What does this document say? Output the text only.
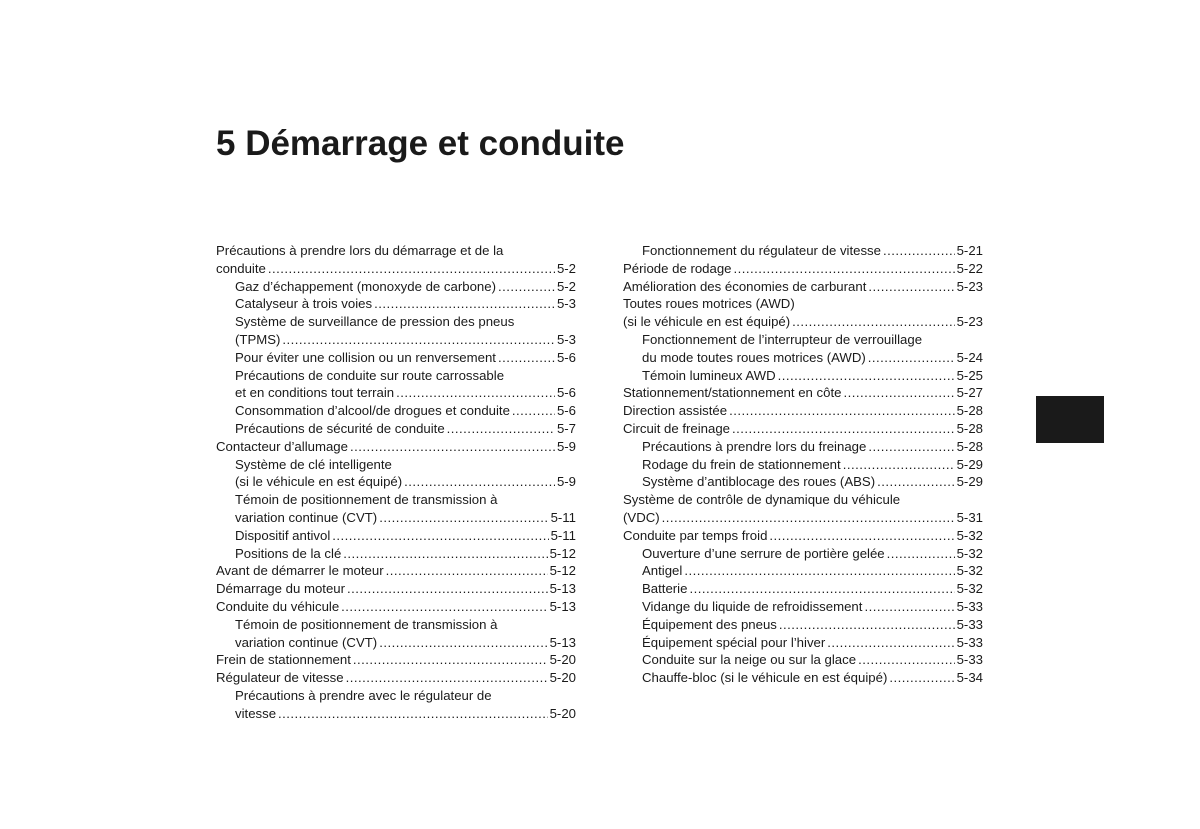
5 Démarrage et conduite
Précautions à prendre lors du démarrage et de la
conduite . . .	5-2
Gaz d’échappement (monoxyde de carbone) . . .	5-2
Catalyseur à trois voies . . .	5-3
Système de surveillance de pression des pneus
(TPMS) . . .	5-3
Pour éviter une collision ou un renversement . . .	5-6
Précautions de conduite sur route carrossable
et en conditions tout terrain . . .	5-6
Consommation d’alcool/de drogues et conduite . . .	5-6
Précautions de sécurité de conduite . . .	5-7
Contacteur d’allumage . . .	5-9
Système de clé intelligente
(si le véhicule en est équipé) . . .	5-9
Témoin de positionnement de transmission à
variation continue (CVT) . . .	5-11
Dispositif antivol . . .	5-11
Positions de la clé . . .	5-12
Avant de démarrer le moteur . . .	5-12
Démarrage du moteur . . .	5-13
Conduite du véhicule . . .	5-13
Témoin de positionnement de transmission à
variation continue (CVT) . . .	5-13
Frein de stationnement . . .	5-20
Régulateur de vitesse . . .	5-20
Précautions à prendre avec le régulateur de
vitesse . . .	5-20
Fonctionnement du régulateur de vitesse . . .	5-21
Période de rodage . . .	5-22
Amélioration des économies de carburant . . .	5-23
Toutes roues motrices (AWD)
(si le véhicule en est équipé) . . .	5-23
Fonctionnement de l’interrupteur de verrouillage
du mode toutes roues motrices (AWD) . . .	5-24
Témoin lumineux AWD . . .	5-25
Stationnement/stationnement en côte . . .	5-27
Direction assistée . . .	5-28
Circuit de freinage . . .	5-28
Précautions à prendre lors du freinage . . .	5-28
Rodage du frein de stationnement . . .	5-29
Système d’antiblocage des roues (ABS) . . .	5-29
Système de contrôle de dynamique du véhicule
(VDC) . . .	5-31
Conduite par temps froid . . .	5-32
Ouverture d’une serrure de portière gelée . . .	5-32
Antigel . . .	5-32
Batterie . . .	5-32
Vidange du liquide de refroidissement . . .	5-33
Équipement des pneus . . .	5-33
Équipement spécial pour l’hiver . . .	5-33
Conduite sur la neige ou sur la glace . . .	5-33
Chauffe-bloc (si le véhicule en est équipé) . . .	5-34
